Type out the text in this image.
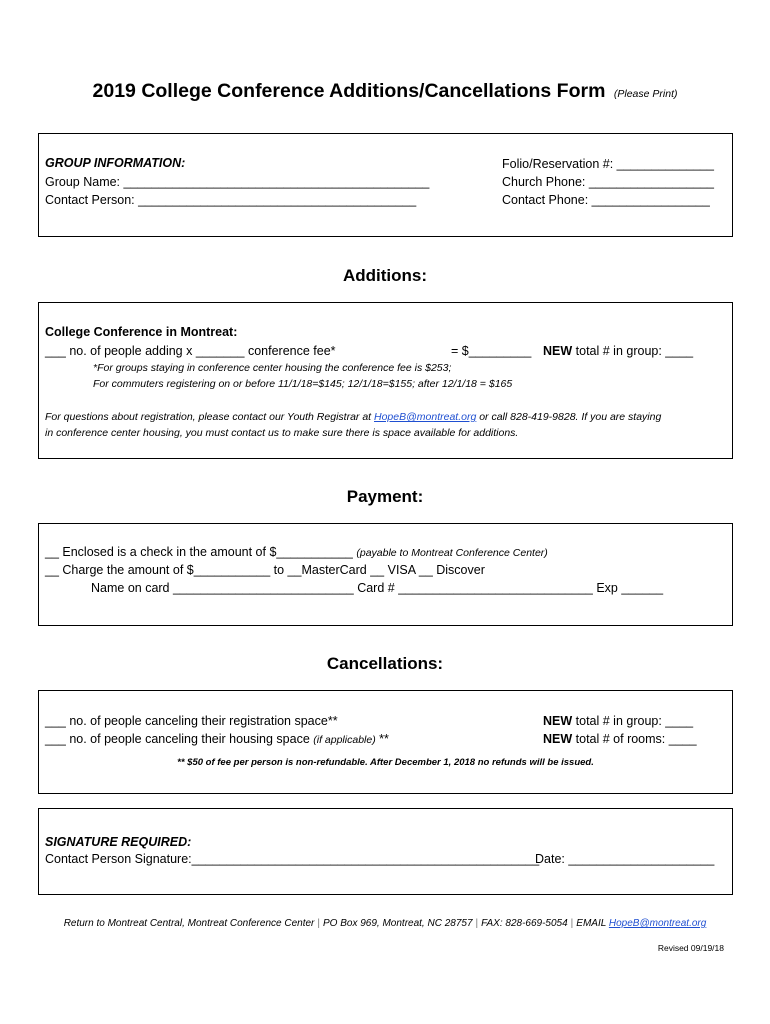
2019 College Conference Additions/Cancellations Form (Please Print)
GROUP INFORMATION:
Group Name: ____________________________________________
Contact Person: ________________________________________
Folio/Reservation #: ______________
Church Phone: __________________
Contact Phone: _________________
Additions:
College Conference in Montreat:
___ no. of people adding x _______ conference fee*	= $_________ NEW total # in group: ____
*For groups staying in conference center housing the conference fee is $253;
For commuters registering on or before 11/1/18=$145; 12/1/18=$155; after 12/1/18 = $165
For questions about registration, please contact our Youth Registrar at HopeB@montreat.org or call 828-419-9828. If you are staying
in conference center housing, you must contact us to make sure there is space available for additions.
Payment:
__ Enclosed is a check in the amount of $___________ (payable to Montreat Conference Center)
__ Charge the amount of $___________ to __MasterCard __ VISA __ Discover
Name on card __________________________ Card # ____________________________ Exp ______
Cancellations:
___ no. of people canceling their registration space**
___ no. of people canceling their housing space (if applicable) **
NEW total # in group: ____
NEW total # of rooms: ____
** $50 of fee per person is non-refundable. After December 1, 2018 no refunds will be issued.
SIGNATURE REQUIRED:
Contact Person Signature:__________________________________________________
Date: _____________________
Return to Montreat Central, Montreat Conference Center | PO Box 969, Montreat, NC 28757 | FAX: 828-669-5054 | EMAIL HopeB@montreat.org
Revised 09/19/18
